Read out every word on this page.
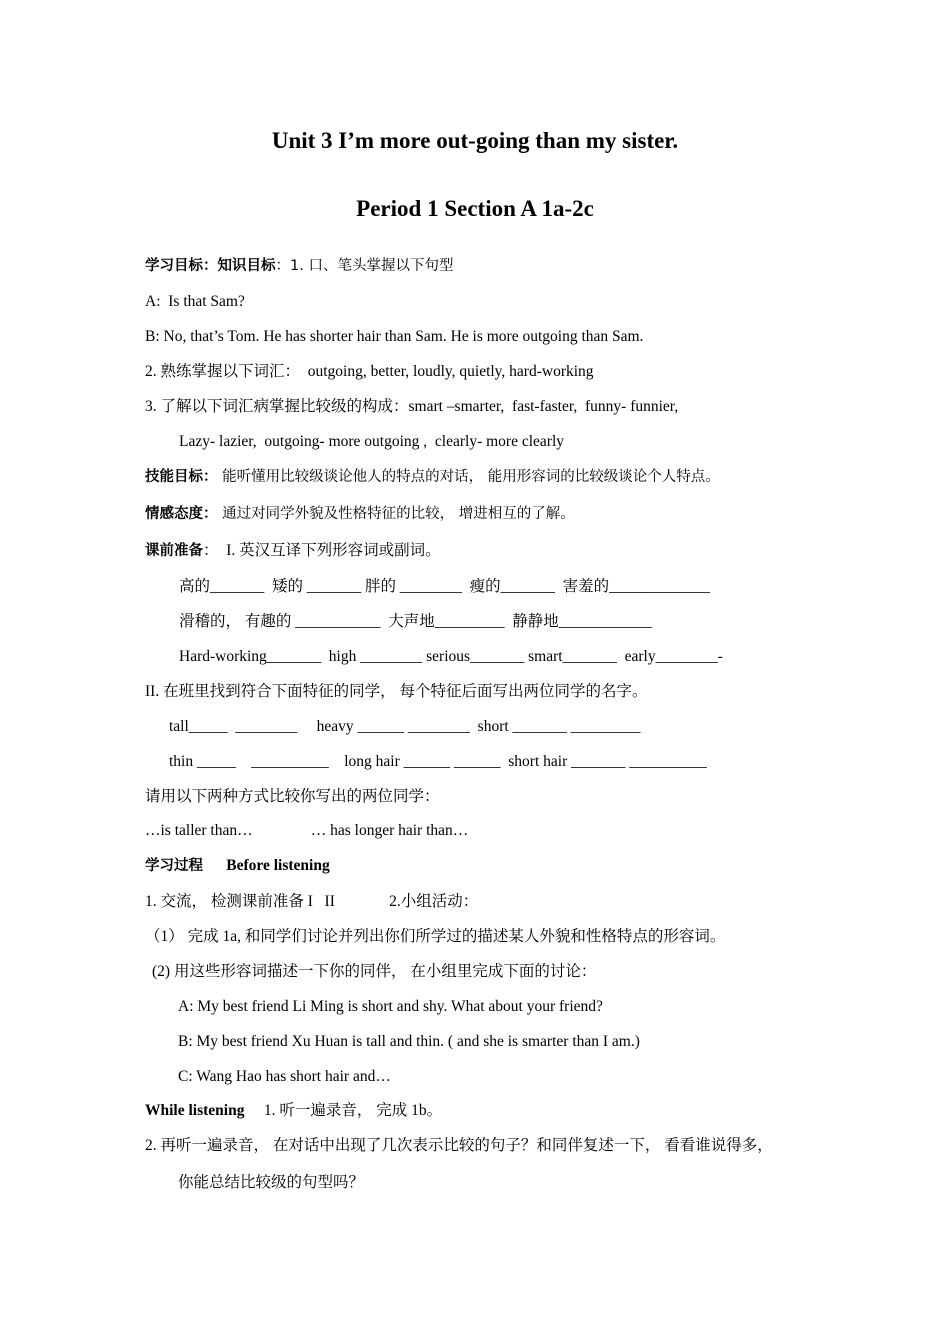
Unit 3 I’m more out-going than my sister.
Period 1 Section A 1a-2c
学习目标：知识目标：1. 口、笔头掌握以下句型
A:  Is that Sam?
B: No, that’s Tom. He has shorter hair than Sam. He is more outgoing than Sam.
2. 熟练掌握以下词汇：  outgoing, better, loudly, quietly, hard-working
3. 了解以下词汇病掌握比较级的构成：smart –smarter,  fast-faster,  funny- funnier,
Lazy- lazier,  outgoing- more outgoing ,  clearly- more clearly
技能目标： 能听懂用比较级谈论他人的特点的对话， 能用形容词的比较级谈论个人特点。
情感态度： 通过对同学外貌及性格特征的比较， 增进相互的了解。
课前准备：  I. 英汉互译下列形容词或副词。
高的_______  矮的 _______ 胖的 ________  瘦的_______  害羞的_____________
滑稽的， 有趣的 ___________  大声地_________  静静地____________
Hard-working_______  high ________ serious_______ smart_______  early________-
II. 在班里找到符合下面特征的同学， 每个特征后面写出两位同学的名字。
tall_____  ________     heavy ______ ________  short _______ _________
thin _____    __________    long hair ______ ______  short hair _______ __________
请用以下两种方式比较你写出的两位同学：
…is taller than…               … has longer hair than…
学习过程 Before listening
1. 交流， 检测课前准备 I   II              2.小组活动：
（1） 完成 1a, 和同学们讨论并列出你们所学过的描述某人外貌和性格特点的形容词。
(2) 用这些形容词描述一下你的同伴， 在小组里完成下面的讨论：
A: My best friend Li Ming is short and shy. What about your friend?
B: My best friend Xu Huan is tall and thin. ( and she is smarter than I am.)
C: Wang Hao has short hair and…
While listening     1. 听一遍录音， 完成 1b。
2. 再听一遍录音， 在对话中出现了几次表示比较的句子？和同伴复述一下， 看看谁说得多，
你能总结比较级的句型吗？
